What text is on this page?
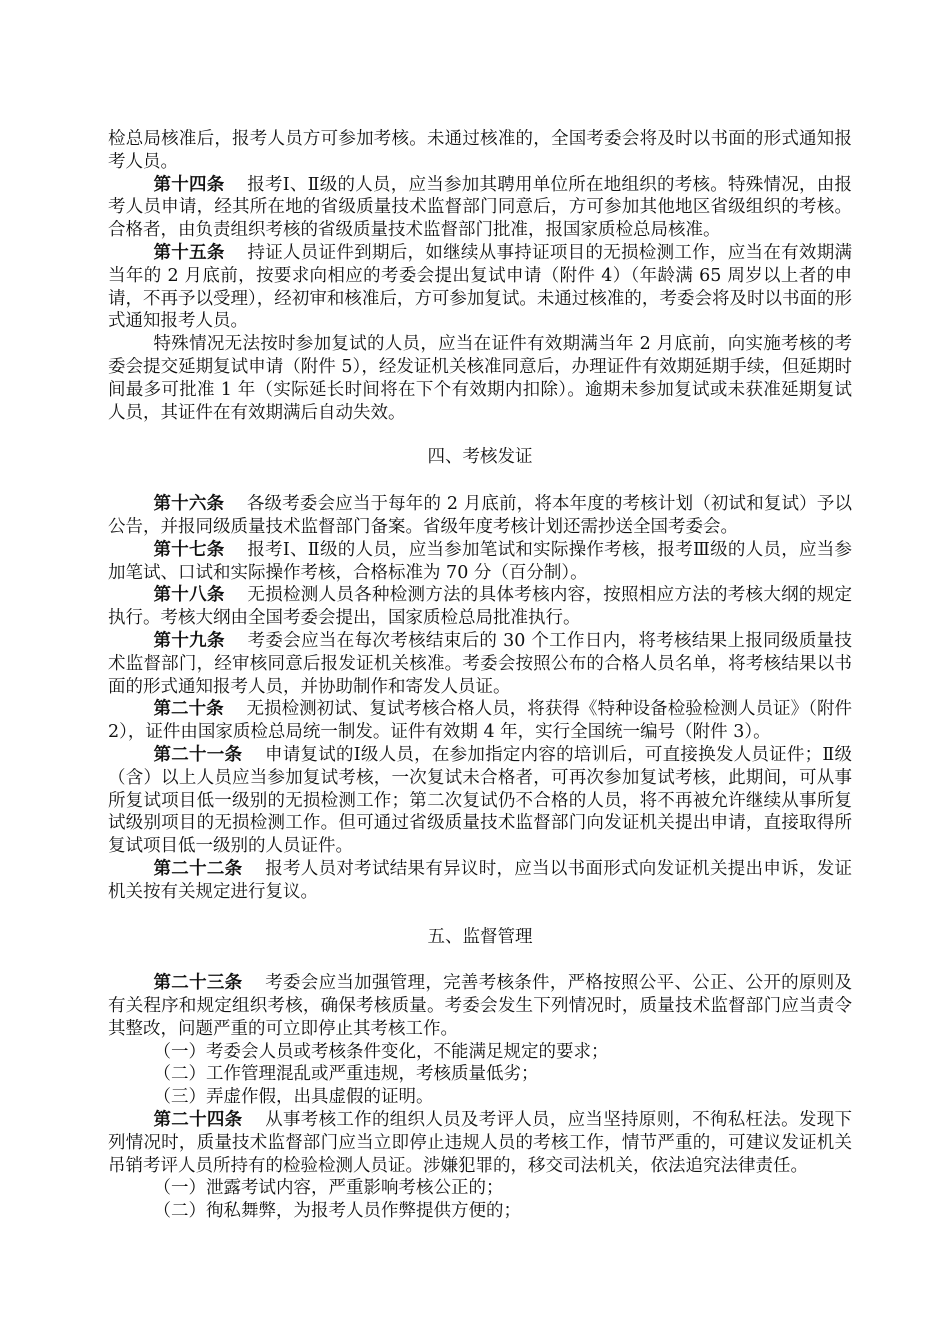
检总局核准后，报考人员方可参加考核。未通过核准的，全国考委会将及时以书面的形式通知报考人员。

第十四条 报考Ⅰ、Ⅱ级的人员，应当参加其聘用单位所在地组织的考核。特殊情况，由报考人员申请，经其所在地的省级质量技术监督部门同意后，方可参加其他地区省级组织的考核。合格者，由负责组织考核的省级质量技术监督部门批准，报国家质检总局核准。

第十五条 持证人员证件到期后，如继续从事持证项目的无损检测工作，应当在有效期满当年的 2 月底前，按要求向相应的考委会提出复试申请（附件 4）（年龄满 65 周岁以上者的申请，不再予以受理），经初审和核准后，方可参加复试。未通过核准的，考委会将及时以书面的形式通知报考人员。

特殊情况无法按时参加复试的人员，应当在证件有效期满当年 2 月底前，向实施考核的考委会提交延期复试申请（附件 5），经发证机关核准同意后，办理证件有效期延期手续，但延期时间最多可批准 1 年（实际延长时间将在下个有效期内扣除）。逾期未参加复试或未获准延期复试人员，其证件在有效期满后自动失效。

四、考核发证

第十六条 各级考委会应当于每年的 2 月底前，将本年度的考核计划（初试和复试）予以公告，并报同级质量技术监督部门备案。省级年度考核计划还需抄送全国考委会。

第十七条 报考Ⅰ、Ⅱ级的人员，应当参加笔试和实际操作考核，报考Ⅲ级的人员，应当参加笔试、口试和实际操作考核，合格标准为 70 分（百分制）。

第十八条 无损检测人员各种检测方法的具体考核内容，按照相应方法的考核大纲的规定执行。考核大纲由全国考委会提出，国家质检总局批准执行。

第十九条 考委会应当在每次考核结束后的 30 个工作日内，将考核结果上报同级质量技术监督部门，经审核同意后报发证机关核准。考委会按照公布的合格人员名单，将考核结果以书面的形式通知报考人员，并协助制作和寄发人员证。

第二十条 无损检测初试、复试考核合格人员，将获得《特种设备检验检测人员证》（附件 2），证件由国家质检总局统一制发。证件有效期 4 年，实行全国统一编号（附件 3）。

第二十一条 申请复试的Ⅰ级人员，在参加指定内容的培训后，可直接换发人员证件；Ⅱ级（含）以上人员应当参加复试考核，一次复试未合格者，可再次参加复试考核，此期间，可从事所复试项目低一级别的无损检测工作；第二次复试仍不合格的人员，将不再被允许继续从事所复试级别项目的无损检测工作。但可通过省级质量技术监督部门向发证机关提出申请，直接取得所复试项目低一级别的人员证件。

第二十二条 报考人员对考试结果有异议时，应当以书面形式向发证机关提出申诉，发证机关按有关规定进行复议。

五、监督管理

第二十三条 考委会应当加强管理，完善考核条件，严格按照公平、公正、公开的原则及有关程序和规定组织考核，确保考核质量。考委会发生下列情况时，质量技术监督部门应当责令其整改，问题严重的可立即停止其考核工作。

（一）考委会人员或考核条件变化，不能满足规定的要求；

（二）工作管理混乱或严重违规，考核质量低劣；

（三）弄虚作假，出具虚假的证明。

第二十四条 从事考核工作的组织人员及考评人员，应当坚持原则，不徇私枉法。发现下列情况时，质量技术监督部门应当立即停止违规人员的考核工作，情节严重的，可建议发证机关吊销考评人员所持有的检验检测人员证。涉嫌犯罪的，移交司法机关，依法追究法律责任。

（一）泄露考试内容，严重影响考核公正的；

（二）徇私舞弊，为报考人员作弊提供方便的；
